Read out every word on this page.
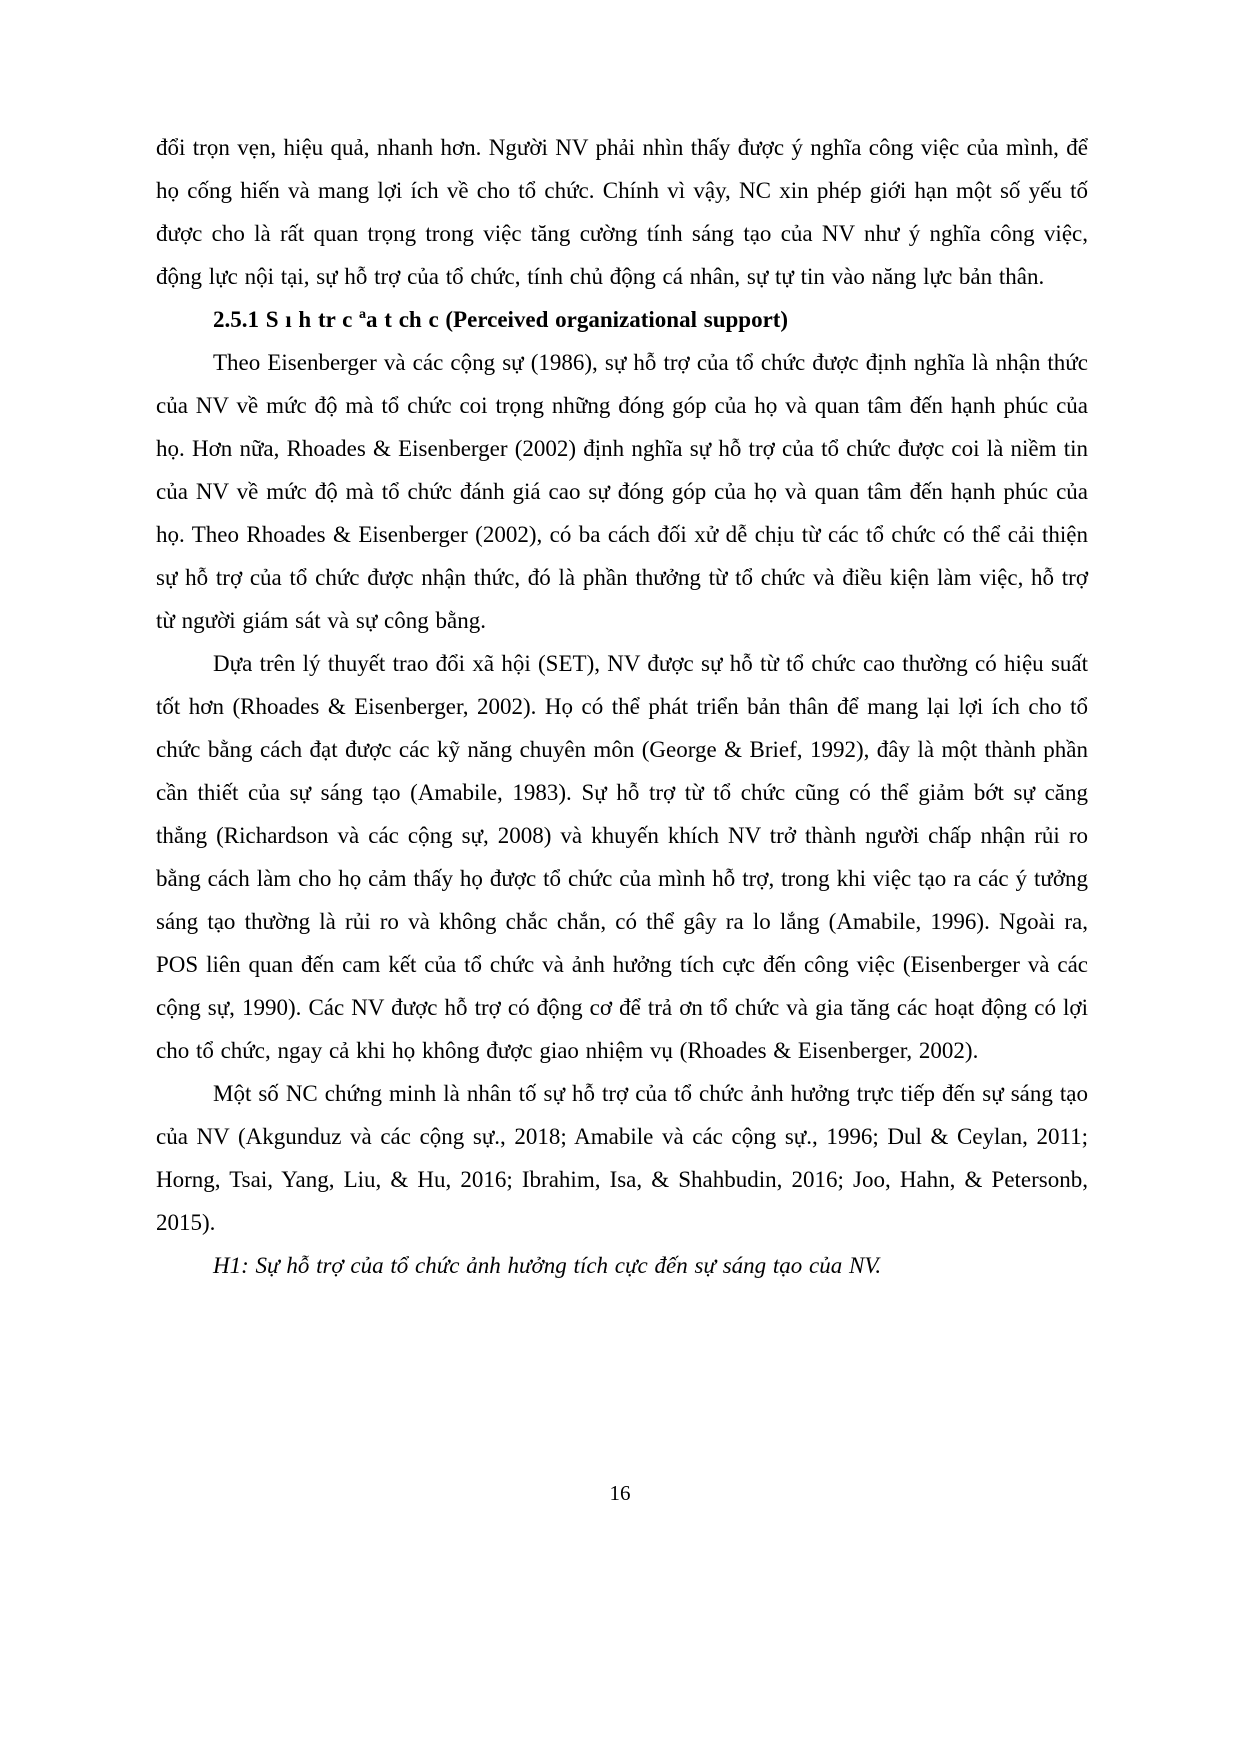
đổi trọn vẹn, hiệu quả, nhanh hơn. Người NV phải nhìn thấy được ý nghĩa công việc của mình, để họ cống hiến và mang lợi ích về cho tổ chức. Chính vì vậy, NC xin phép giới hạn một số yếu tố được cho là rất quan trọng trong việc tăng cường tính sáng tạo của NV như ý nghĩa công việc, động lực nội tại, sự hỗ trợ của tổ chức, tính chủ động cá nhân, sự tự tin vào năng lực bản thân.

2.5.1 S ı h tr c ªa t ch c (Perceived organizational support)

Theo Eisenberger và các cộng sự (1986), sự hỗ trợ của tổ chức được định nghĩa là nhận thức của NV về mức độ mà tổ chức coi trọng những đóng góp của họ và quan tâm đến hạnh phúc của họ. Hơn nữa, Rhoades & Eisenberger (2002) định nghĩa sự hỗ trợ của tổ chức được coi là niềm tin của NV về mức độ mà tổ chức đánh giá cao sự đóng góp của họ và quan tâm đến hạnh phúc của họ. Theo Rhoades & Eisenberger (2002), có ba cách đối xử dễ chịu từ các tổ chức có thể cải thiện sự hỗ trợ của tổ chức được nhận thức, đó là phần thưởng từ tổ chức và điều kiện làm việc, hỗ trợ từ người giám sát và sự công bằng.

Dựa trên lý thuyết trao đổi xã hội (SET), NV được sự hỗ từ tổ chức cao thường có hiệu suất tốt hơn (Rhoades & Eisenberger, 2002). Họ có thể phát triển bản thân để mang lại lợi ích cho tổ chức bằng cách đạt được các kỹ năng chuyên môn (George & Brief, 1992), đây là một thành phần cần thiết của sự sáng tạo (Amabile, 1983). Sự hỗ trợ từ tổ chức cũng có thể giảm bớt sự căng thẳng (Richardson và các cộng sự, 2008) và khuyến khích NV trở thành người chấp nhận rủi ro bằng cách làm cho họ cảm thấy họ được tổ chức của mình hỗ trợ, trong khi việc tạo ra các ý tưởng sáng tạo thường là rủi ro và không chắc chắn, có thể gây ra lo lắng (Amabile, 1996). Ngoài ra, POS liên quan đến cam kết của tổ chức và ảnh hưởng tích cực đến công việc (Eisenberger và các cộng sự, 1990). Các NV được hỗ trợ có động cơ để trả ơn tổ chức và gia tăng các hoạt động có lợi cho tổ chức, ngay cả khi họ không được giao nhiệm vụ (Rhoades & Eisenberger, 2002).

Một số NC chứng minh là nhân tố sự hỗ trợ của tổ chức ảnh hưởng trực tiếp đến sự sáng tạo của NV (Akgunduz và các cộng sự., 2018; Amabile và các cộng sự., 1996; Dul & Ceylan, 2011; Horng, Tsai, Yang, Liu, & Hu, 2016; Ibrahim, Isa, & Shahbudin, 2016; Joo, Hahn, & Petersonb, 2015).

H1: Sự hỗ trợ của tổ chức ảnh hưởng tích cực đến sự sáng tạo của NV.

16
